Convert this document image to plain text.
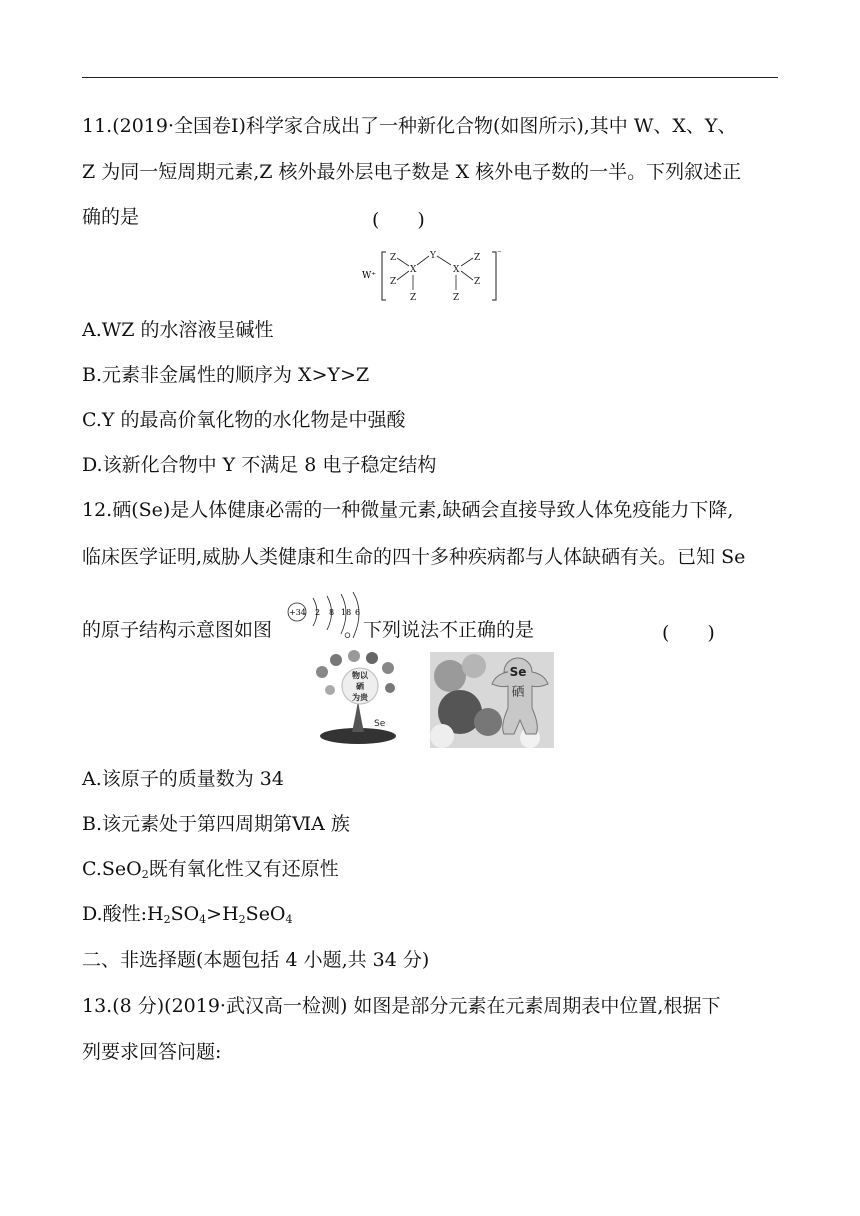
11.(2019·全国卷Ⅰ)科学家合成出了一种新化合物(如图所示),其中 W、X、Y、
Z 为同一短周期元素,Z 核外最外层电子数是 X 核外电子数的一半。下列叙述正
确的是	(　　)
W⁺
⁻
Z
Z
X
Y
X
Z
Z
Z	Z
A.WZ 的水溶液呈碱性
B.元素非金属性的顺序为 X>Y>Z
C.Y 的最高价氧化物的水化物是中强酸
D.该新化合物中 Y 不满足 8 电子稳定结构
12.硒(Se)是人体健康必需的一种微量元素,缺硒会直接导致人体免疫能力下降,
临床医学证明,威胁人类健康和生命的四十多种疾病都与人体缺硒有关。已知 Se
的原子结构示意图如图
+34 2 8 18 6
。下列说法不正确的是	(　　)
物以
硒
为贵
Se
Se
硒
A.该原子的质量数为 34
B.该元素处于第四周期第ⅥA 族
C.SeO$_2$既有氧化性又有还原性
D.酸性$:H_2SO_4>H_2SeO_4$
二、非选择题(本题包括 4 小题,共 34 分)
13.(8 分)(2019·武汉高一检测) 如图是部分元素在元素周期表中位置,根据下
列要求回答问题:
